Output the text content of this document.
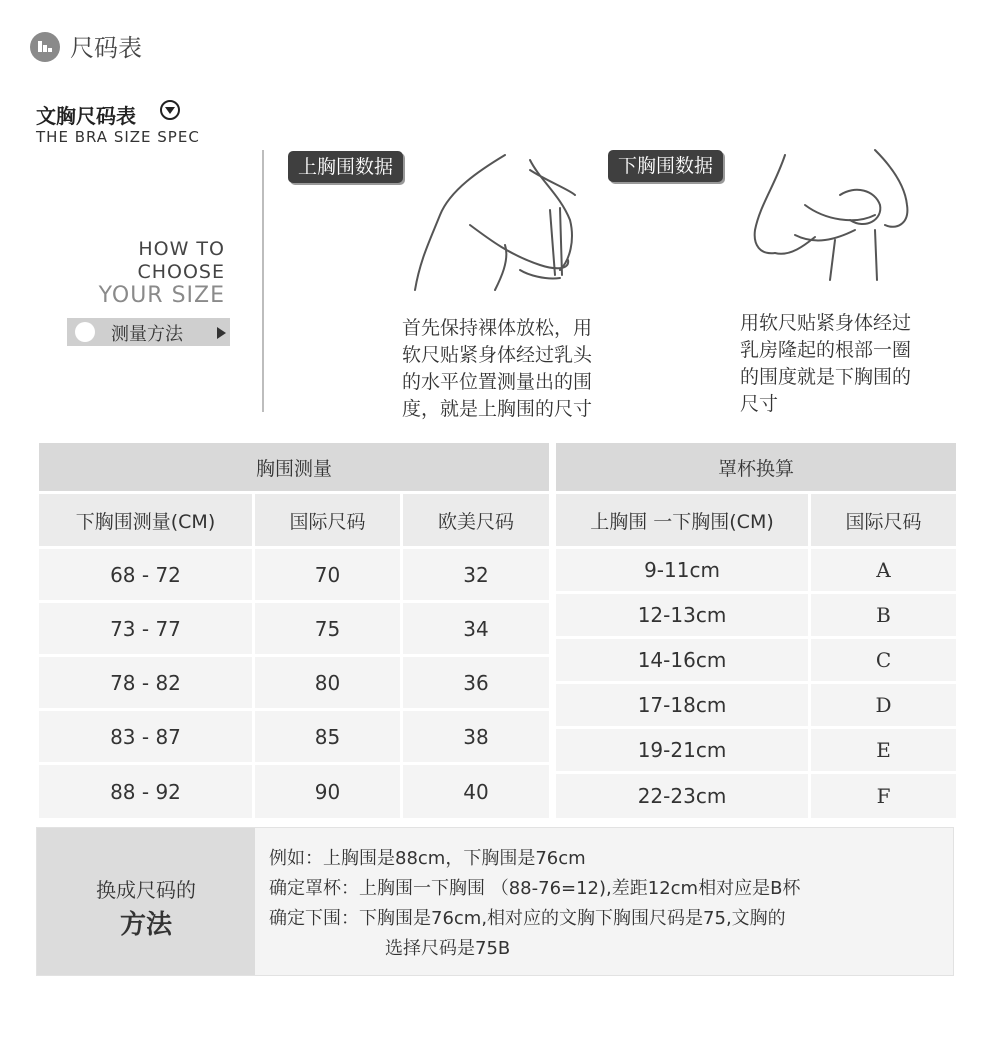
尺码表
文胸尺码表
THE BRA SIZE SPEC
HOW TO
CHOOSE
YOUR SIZE
测量方法
上胸围数据
首先保持裸体放松，用
软尺贴紧身体经过乳头
的水平位置测量出的围
度，就是上胸围的尺寸
下胸围数据
用软尺贴紧身体经过
乳房隆起的根部一圈
的围度就是下胸围的
尺寸
胸围测量		
下胸围测量(CM)	国际尺码	欧美尺码
68 - 72	70	32
73 - 77	75	34
78 - 82	80	36
83 - 87	85	38
88 - 92	90	40
罩杯换算	
上胸围 一下胸围(CM)	国际尺码
9-11cm	A
12-13cm	B
14-16cm	C
17-18cm	D
19-21cm	E
22-23cm	F
换成尺码的
方法
例如：上胸围是88cm，下胸围是76cm
确定罩杯：上胸围一下胸围 （88-76=12),差距12cm相对应是B杯
确定下围：下胸围是76cm,相对应的文胸下胸围尺码是75,文胸的
选择尺码是75B
